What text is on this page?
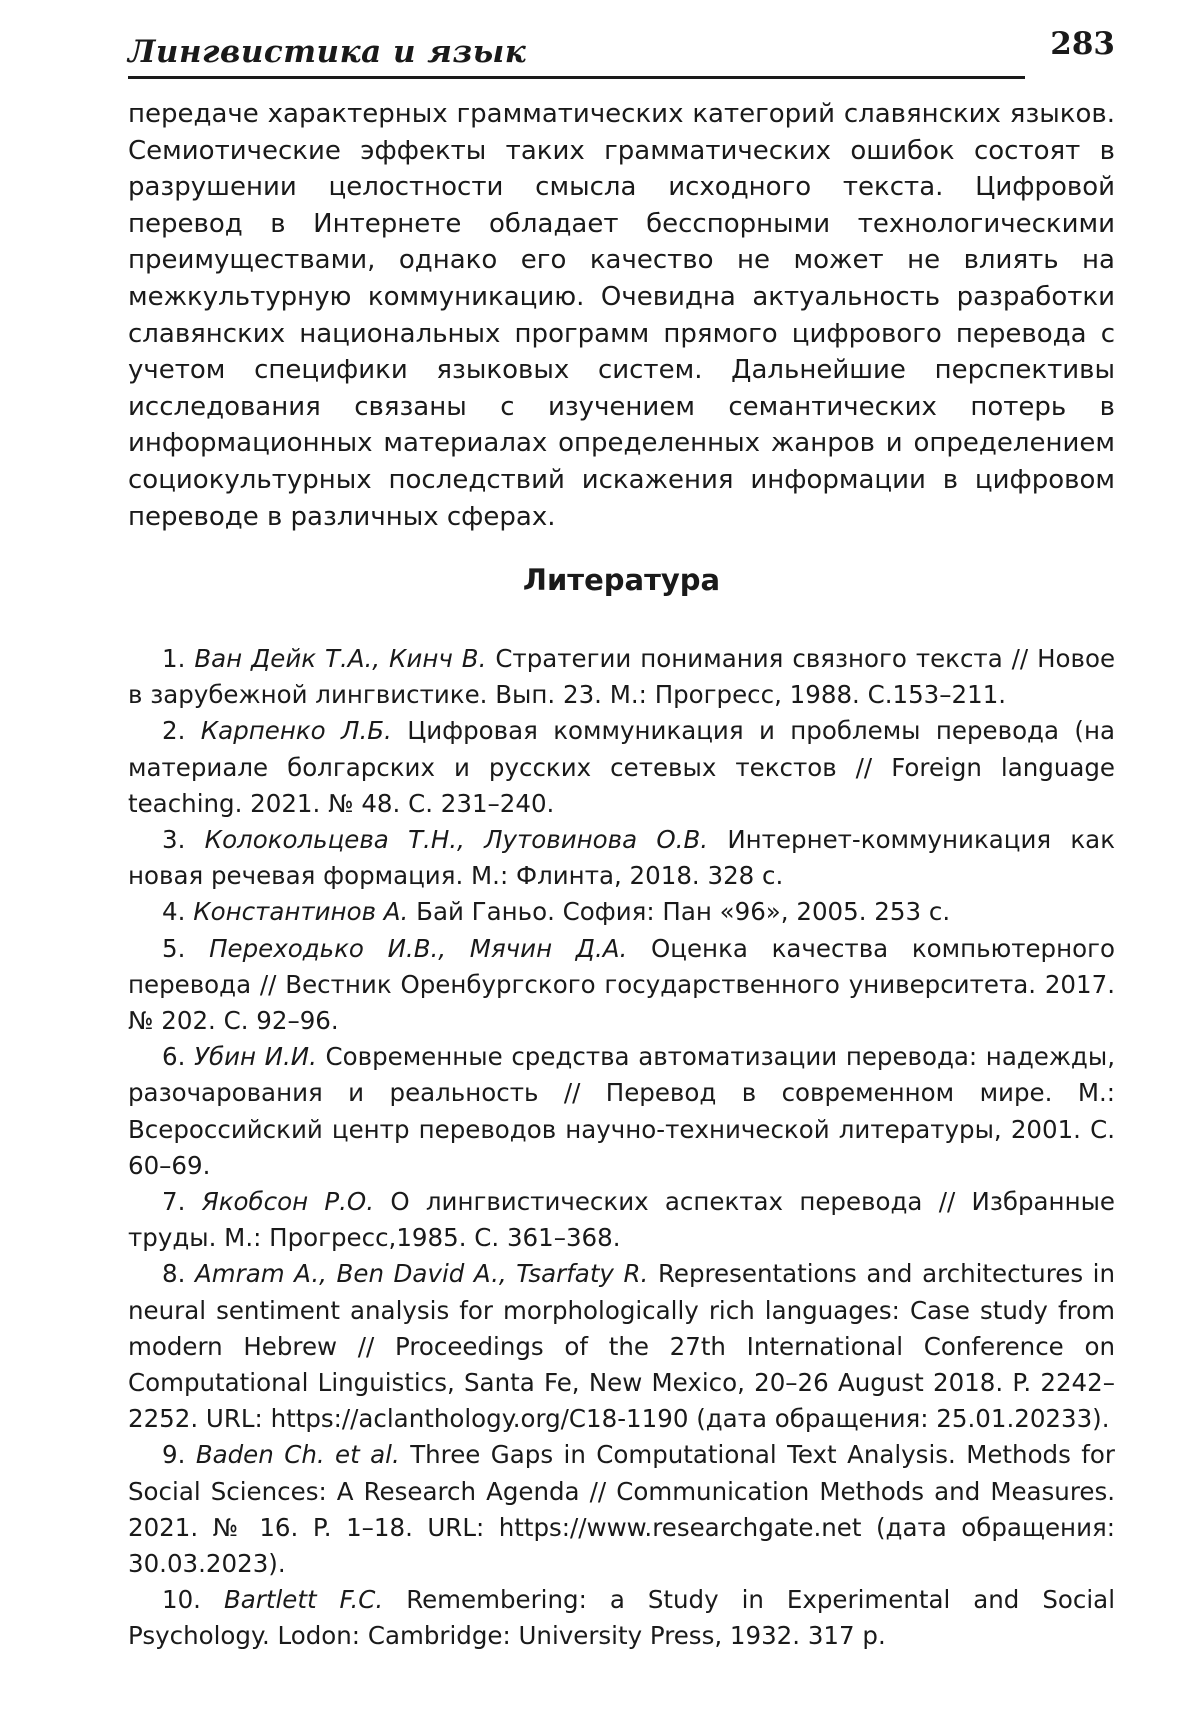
Лингвистика и язык	283

передаче характерных грамматических категорий славянских языков. Семиотические эффекты таких грамматических ошибок состоят в разрушении целостности смысла исходного текста. Цифровой перевод в Интернете обладает бесспорными технологическими преимуществами, однако его качество не может не влиять на межкультурную коммуникацию. Очевидна актуальность разработки славянских национальных программ прямого цифрового перевода с учетом специфики языковых систем. Дальнейшие перспективы исследования связаны с изучением семантических потерь в информационных материалах определенных жанров и определением социокультурных последствий искажения информации в цифровом переводе в различных сферах.

Литература
1. Ван Дейк Т.А., Кинч В. Стратегии понимания связного текста // Новое в зарубежной лингвистике. Вып. 23. М.: Прогресс, 1988. С.153–211.
2. Карпенко Л.Б. Цифровая коммуникация и проблемы перевода (на материале болгарских и русских сетевых текстов // Foreign language teaching. 2021. № 48. С. 231–240.
3. Колокольцева Т.Н., Лутовинова О.В. Интернет-коммуникация как новая речевая формация. М.: Флинта, 2018. 328 с.
4. Константинов А. Бай Ганьо. София: Пан «96», 2005. 253 с.
5. Переходько И.В., Мячин Д.А. Оценка качества компьютерного перевода // Вестник Оренбургского государственного университета. 2017. № 202. С. 92–96.
6. Убин И.И. Современные средства автоматизации перевода: надежды, разочарования и реальность // Перевод в современном мире. М.: Всероссийский центр переводов научно-технической литературы, 2001. С. 60–69.
7. Якобсон Р.О. О лингвистических аспектах перевода // Избранные труды. М.: Прогресс,1985. С. 361–368.
8. Amram A., Ben David A., Tsarfaty R. Representations and architectures in neural sentiment analysis for morphologically rich languages: Case study from modern Hebrew // Proceedings of the 27th International Conference on Computational Linguistics, Santa Fe, New Mexico, 20–26 August 2018. P. 2242–2252. URL: https://aclanthology.org/C18-1190 (дата обращения: 25.01.20233).
9. Baden Ch. et al. Three Gaps in Computational Text Analysis. Methods for Social Sciences: A Research Agenda // Communication Methods and Measures. 2021. № 16. P. 1–18. URL: https://www.researchgate.net (дата обращения: 30.03.2023).
10. Bartlett F.C. Remembering: a Study in Experimental and Social Psychology. Lodon: Cambridge: University Press, 1932. 317 p.
